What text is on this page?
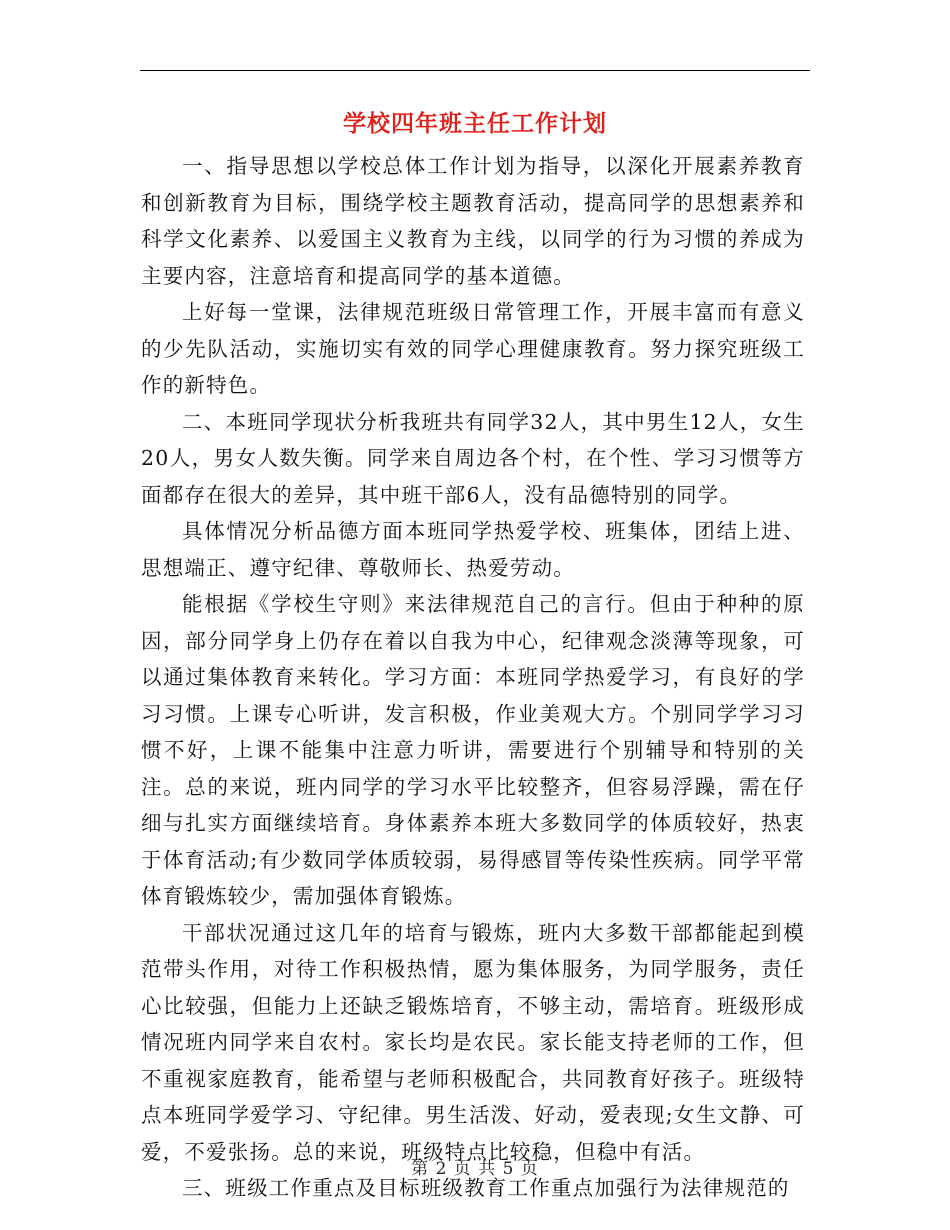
学校四年班主任工作计划

一、指导思想以学校总体工作计划为指导，以深化开展素养教育和创新教育为目标，围绕学校主题教育活动，提高同学的思想素养和科学文化素养、以爱国主义教育为主线，以同学的行为习惯的养成为主要内容，注意培育和提高同学的基本道德。

上好每一堂课，法律规范班级日常管理工作，开展丰富而有意义的少先队活动，实施切实有效的同学心理健康教育。努力探究班级工作的新特色。

二、本班同学现状分析我班共有同学32人，其中男生12人，女生20人，男女人数失衡。同学来自周边各个村，在个性、学习习惯等方面都存在很大的差异，其中班干部6人，没有品德特别的同学。

具体情况分析品德方面本班同学热爱学校、班集体，团结上进、思想端正、遵守纪律、尊敬师长、热爱劳动。

能根据《学校生守则》来法律规范自己的言行。但由于种种的原因，部分同学身上仍存在着以自我为中心，纪律观念淡薄等现象，可以通过集体教育来转化。学习方面：本班同学热爱学习，有良好的学习习惯。上课专心听讲，发言积极，作业美观大方。个别同学学习习惯不好，上课不能集中注意力听讲，需要进行个别辅导和特别的关注。总的来说，班内同学的学习水平比较整齐，但容易浮躁，需在仔细与扎实方面继续培育。身体素养本班大多数同学的体质较好，热衷于体育活动;有少数同学体质较弱，易得感冒等传染性疾病。同学平常体育锻炼较少，需加强体育锻炼。

干部状况通过这几年的培育与锻炼，班内大多数干部都能起到模范带头作用，对待工作积极热情，愿为集体服务，为同学服务，责任心比较强，但能力上还缺乏锻炼培育，不够主动，需培育。班级形成情况班内同学来自农村。家长均是农民。家长能支持老师的工作，但不重视家庭教育，能希望与老师积极配合，共同教育好孩子。班级特点本班同学爱学习、守纪律。男生活泼、好动，爱表现;女生文静、可爱，不爱张扬。总的来说，班级特点比较稳，但稳中有活。

三、班级工作重点及目标班级教育工作重点加强行为法律规范的

第 2 页 共 5 页
